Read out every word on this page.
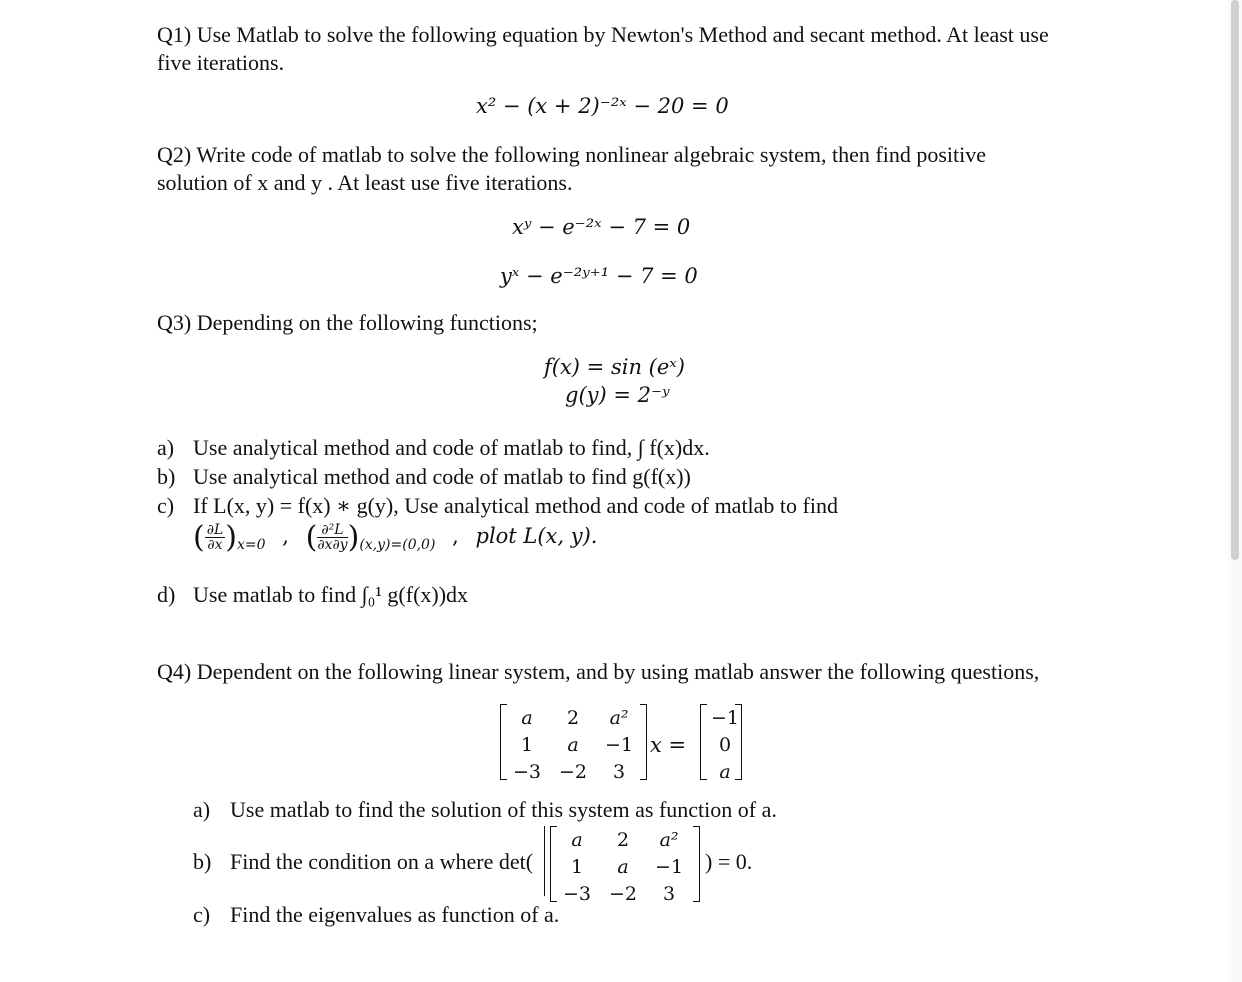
Q1) Use Matlab to solve the following equation by Newton's Method and secant method. At least use
five iterations.
x² − (x + 2)⁻²ˣ − 20 = 0
Q2) Write code of matlab to solve the following nonlinear algebraic system, then find positive
solution of x and y . At least use five iterations.
xʸ − e⁻²ˣ − 7 = 0
yˣ − e⁻²ʸ⁺¹ − 7 = 0
Q3) Depending on the following functions;
f(x) = sin (eˣ)
g(y) = 2⁻ʸ
a) Use analytical method and code of matlab to find, ∫ f(x)dx.
b) Use analytical method and code of matlab to find g(f(x))
c) If L(x, y) = f(x) ∗ g(y), Use analytical method and code of matlab to find
( $\frac{\partial L}{\partial x} )_{x=0}$ , ( $\frac{\text{∂²L}}{\partial x\partial y} )_{(x,y)=(0,0)}$ , plot L(x, y).
d) Use matlab to find ∫₀¹ g(f(x))dx
Q4) Dependent on the following linear system, and by using matlab answer the following questions,
a	2	a²
1	a	−1
−3	−2	3
x =
−1
0
a
a) Use matlab to find the solution of this system as function of a.
b) Find the condition on a where det(
a	2	a²
1	a	−1
−3	−2	3
) = 0.
c) Find the eigenvalues as function of a.
